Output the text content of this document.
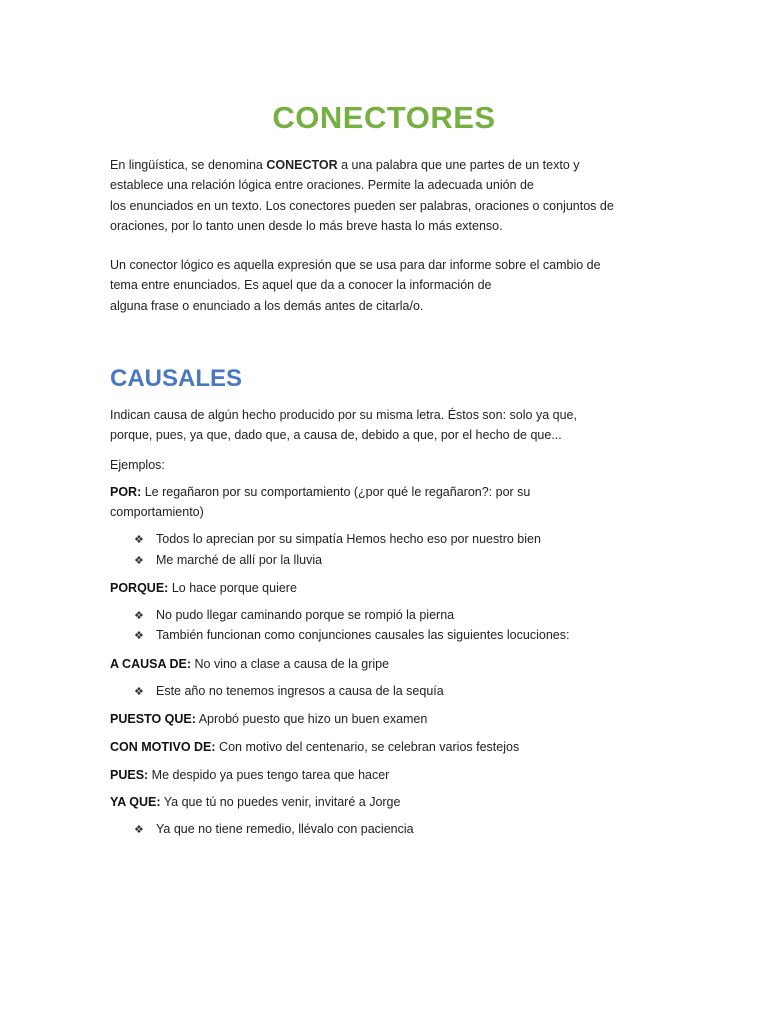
CONECTORES

En lingüística, se denomina CONECTOR a una palabra que une partes de un texto y
establece una relación lógica entre oraciones. Permite la adecuada unión de
los enunciados en un texto. Los conectores pueden ser palabras, oraciones o conjuntos de
oraciones, por lo tanto unen desde lo más breve hasta lo más extenso.

Un conector lógico es aquella expresión que se usa para dar informe sobre el cambio de
tema entre enunciados. Es aquel que da a conocer la información de
alguna frase o enunciado a los demás antes de citarla/o.

CAUSALES

Indican causa de algún hecho producido por su misma letra. Éstos son: solo ya que,
porque, pues, ya que, dado que, a causa de, debido a que, por el hecho de que...

Ejemplos:

POR: Le regañaron por su comportamiento (¿por qué le regañaron?: por su

comportamiento)

❖ Todos lo aprecian por su simpatía Hemos hecho eso por nuestro bien

❖ Me marché de allí por la lluvia

PORQUE: Lo hace porque quiere

❖ No pudo llegar caminando porque se rompió la pierna

❖ También funcionan como conjunciones causales las siguientes locuciones:

A CAUSA DE: No vino a clase a causa de la gripe

❖ Este año no tenemos ingresos a causa de la sequía

PUESTO QUE: Aprobó puesto que hizo un buen examen

CON MOTIVO DE: Con motivo del centenario, se celebran varios festejos

PUES: Me despido ya pues tengo tarea que hacer

YA QUE: Ya que tú no puedes venir, invitaré a Jorge

❖ Ya que no tiene remedio, llévalo con paciencia
